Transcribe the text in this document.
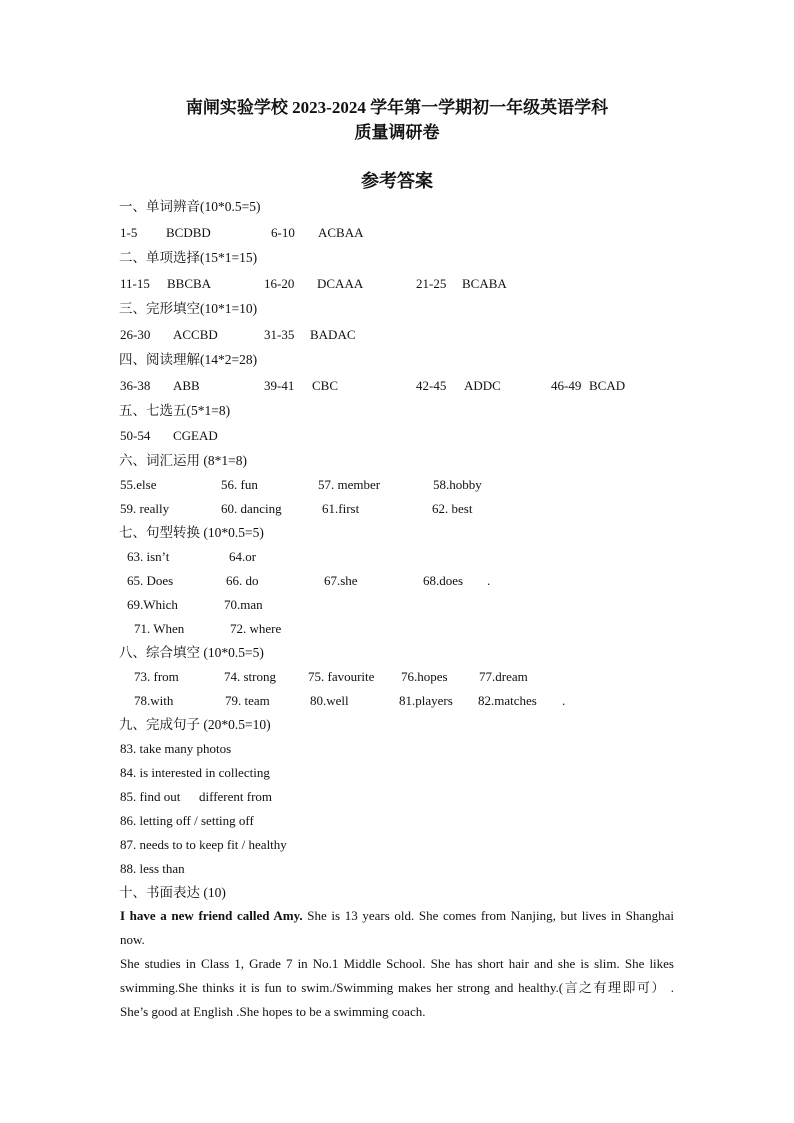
南闸实验学校 2023-2024 学年第一学期初一年级英语学科
质量调研卷
参考答案
一、单词辨音(10*0.5=5)
1-5 BCDBD	6-10 ACBAA
二、单项选择(15*1=15)
11-15 BBCBA	16-20 DCAAA	21-25 BCABA
三、完形填空(10*1=10)
26-30 ACCBD	31-35 BADAC
四、阅读理解(14*2=28)
36-38 ABB	39-41 CBC	42-45 ADDC	46-49 BCAD
五、七选五(5*1=8)
50-54 CGEAD
六、词汇运用 (8*1=8)
55.else	56. fun	57. member	58.hobby
59. really	60. dancing	61.first	62. best
七、句型转换 (10*0.5=5)
63. isn’t	64.or
65. Does	66. do	67.she	68.does .
69.Which	70.man
71. When	72. where
八、综合填空 (10*0.5=5)
73. from	74. strong 75. favourite 76.hopes 77.dream
78.with	79. team	80.well	81.players 82.matches .
九、完成句子 (20*0.5=10)
83. take many photos
84. is interested in collecting
85. find out different from
86. letting off / setting off
87. needs to to keep fit / healthy
88. less than
十、书面表达 (10)
I have a new friend called Amy. She is 13 years old. She comes from Nanjing, but lives in Shanghai now.
She studies in Class 1, Grade 7 in No.1 Middle School. She has short hair and she is slim. She likes swimming.She thinks it is fun to swim./Swimming makes her strong and healthy.(言之有理即可） . She’s good at English .She hopes to be a swimming coach.
